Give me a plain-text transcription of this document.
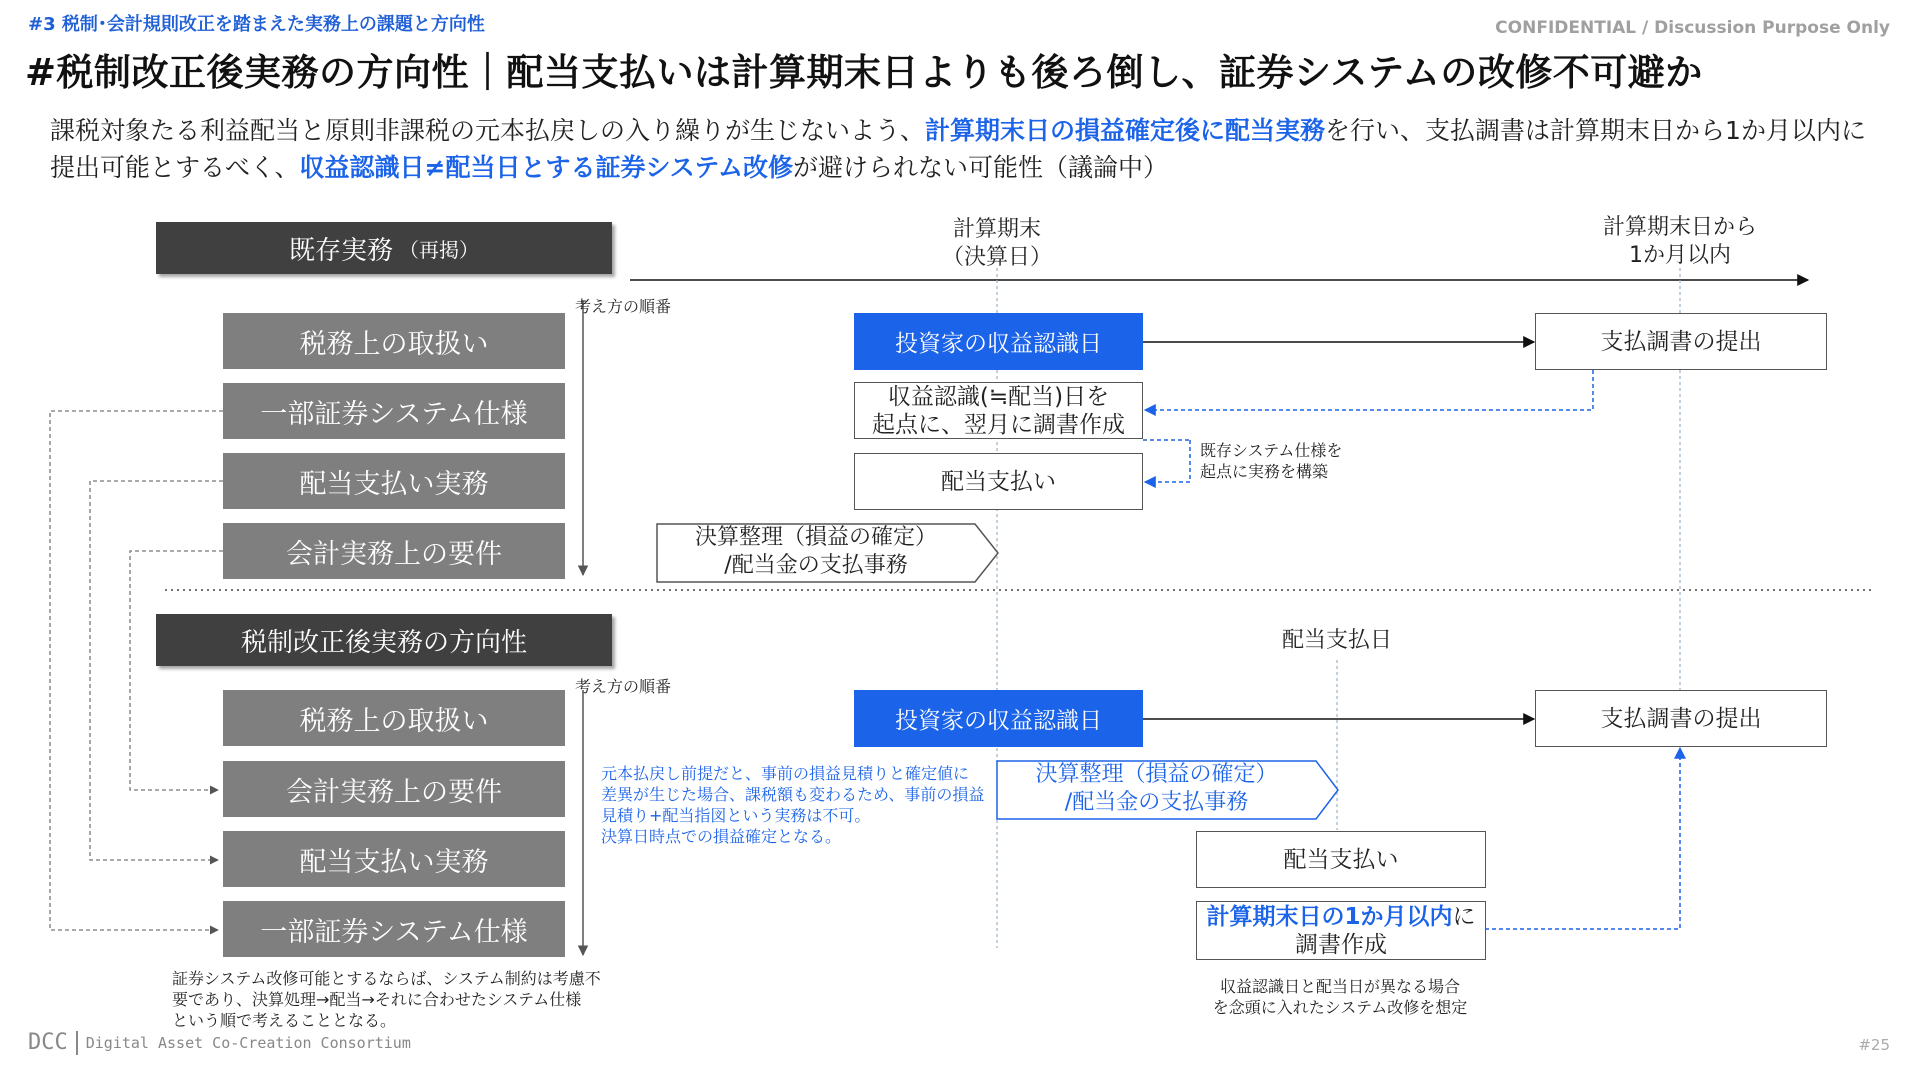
#3 税制･会計規則改正を踏まえた実務上の課題と方向性	CONFIDENTIAL / Discussion Purpose Only
#税制改正後実務の方向性｜配当支払いは計算期末日よりも後ろ倒し、証券システムの改修不可避か
課税対象たる利益配当と原則非課税の元本払戻しの入り繰りが生じないよう、計算期末日の損益確定後に配当実務を行い、支払調書は計算期末日から1か月以内に提出可能とするべく、収益認識日≠配当日とする証券システム改修が避けられない可能性（議論中）
既存実務 （再掲）
考え方の順番
税務上の取扱い
一部証券システム仕様
配当支払い実務
会計実務上の要件
計算期末
（決算日）
計算期末日から
1か月以内
投資家の収益認識日	支払調書の提出
収益認識(≒配当)日を
起点に、翌月に調書作成
配当支払い
既存システム仕様を
起点に実務を構築
決算整理（損益の確定）
/配当金の支払事務
税制改正後実務の方向性
考え方の順番
税務上の取扱い
会計実務上の要件
配当支払い実務
一部証券システム仕様
配当支払日
投資家の収益認識日	支払調書の提出
決算整理（損益の確定）
/配当金の支払事務
元本払戻し前提だと、事前の損益見積りと確定値に
差異が生じた場合、課税額も変わるため、事前の損益
見積り+配当指図という実務は不可。
決算日時点での損益確定となる。
配当支払い
計算期末日の1か月以内に
調書作成
収益認識日と配当日が異なる場合
を念頭に入れたシステム改修を想定
証券システム改修可能とするならば、システム制約は考慮不
要であり、決算処理→配当→それに合わせたシステム仕様
という順で考えることとなる。
DCC Digital Asset Co-Creation Consortium	#25
